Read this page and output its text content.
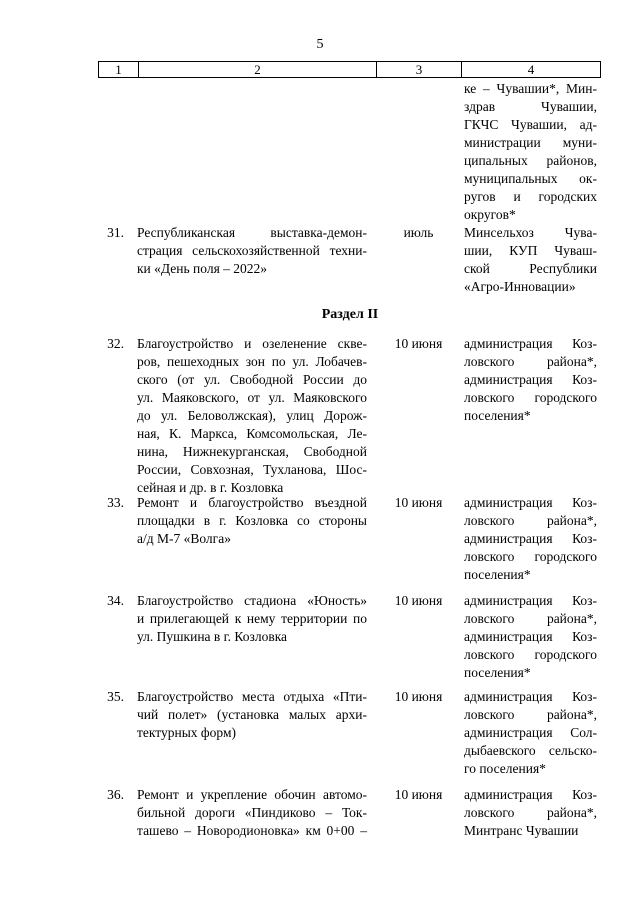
5
1	2	3	4
ке – Чувашии*, Мин-
здрав Чувашии,
ГКЧС Чувашии, ад-
министрации муни-
ципальных районов,
муниципальных ок-
ругов и городских
округов*
31. Республиканская выставка-демон-
страция сельскохозяйственной техни-
ки «День поля – 2022»
июль	Минсельхоз Чува-
шии, КУП Чуваш-
ской Республики
«Агро-Инновации»
Раздел II
32. Благоустройство и озеленение скве-
ров, пешеходных зон по ул. Лобачев-
ского (от ул. Свободной России до
ул. Маяковского, от ул. Маяковского
до ул. Беловолжская), улиц Дорож-
ная, К. Маркса, Комсомольская, Ле-
нина, Нижнекурганская, Свободной
России, Совхозная, Тухланова, Шос-
сейная и др. в г. Козловка
10 июня	администрация Коз-
ловского района*,
администрация Коз-
ловского городского
поселения*
33. Ремонт и благоустройство въездной
площадки в г. Козловка со стороны
а/д М-7 «Волга»
10 июня	администрация Коз-
ловского района*,
администрация Коз-
ловского городского
поселения*
34. Благоустройство стадиона «Юность»
и прилегающей к нему территории по
ул. Пушкина в г. Козловка
10 июня	администрация Коз-
ловского района*,
администрация Коз-
ловского городского
поселения*
35. Благоустройство места отдыха «Пти-
чий полет» (установка малых архи-
тектурных форм)
10 июня	администрация Коз-
ловского района*,
администрация Сол-
дыбаевского сельско-
го поселения*
36. Ремонт и укрепление обочин автомо-
бильной дороги «Пиндиково – Ток-
ташево – Новородионовка» км 0+00 –
10 июня	администрация Коз-
ловского района*,
Минтранс Чувашии
